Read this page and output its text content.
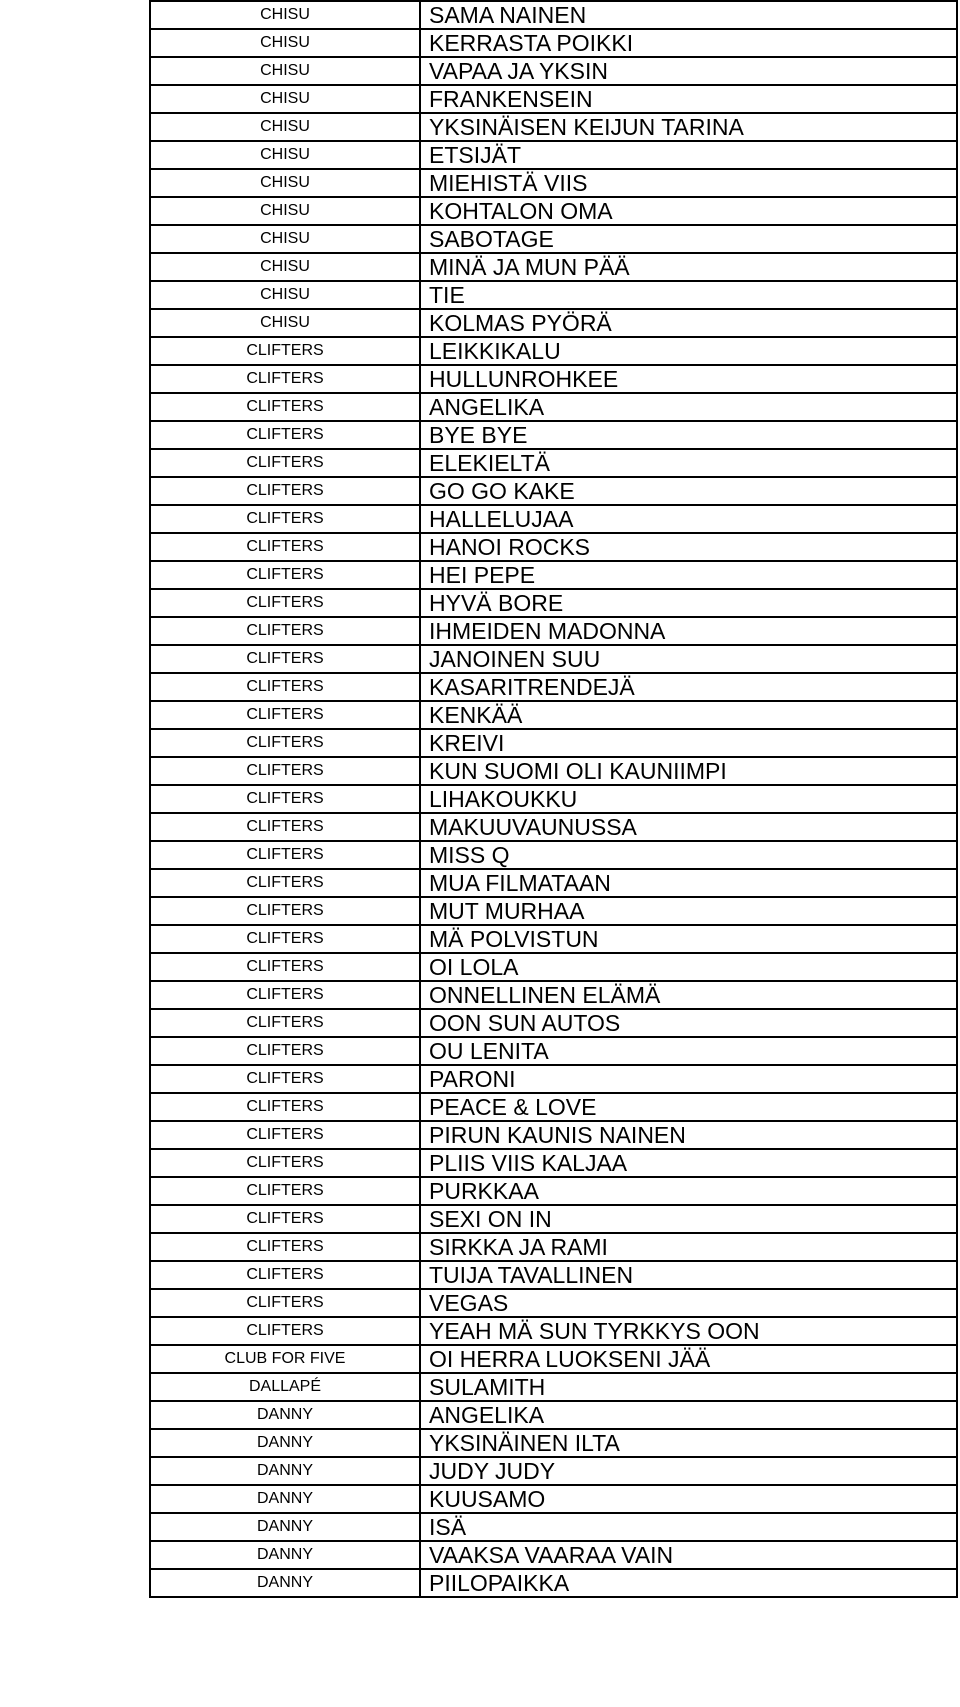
CHISU	SAMA NAINEN
CHISU	KERRASTA POIKKI
CHISU	VAPAA JA YKSIN
CHISU	FRANKENSEIN
CHISU	YKSINÄISEN KEIJUN TARINA
CHISU	ETSIJÄT
CHISU	MIEHISTÄ VIIS
CHISU	KOHTALON OMA
CHISU	SABOTAGE
CHISU	MINÄ JA MUN PÄÄ
CHISU	TIE
CHISU	KOLMAS PYÖRÄ
CLIFTERS	LEIKKIKALU
CLIFTERS	HULLUNROHKEE
CLIFTERS	ANGELIKA
CLIFTERS	BYE BYE
CLIFTERS	ELEKIELTÄ
CLIFTERS	GO GO KAKE
CLIFTERS	HALLELUJAA
CLIFTERS	HANOI ROCKS
CLIFTERS	HEI PEPE
CLIFTERS	HYVÄ BORE
CLIFTERS	IHMEIDEN MADONNA
CLIFTERS	JANOINEN SUU
CLIFTERS	KASARITRENDEJÄ
CLIFTERS	KENKÄÄ
CLIFTERS	KREIVI
CLIFTERS	KUN SUOMI OLI KAUNIIMPI
CLIFTERS	LIHAKOUKKU
CLIFTERS	MAKUUVAUNUSSA
CLIFTERS	MISS Q
CLIFTERS	MUA FILMATAAN
CLIFTERS	MUT MURHAA
CLIFTERS	MÄ POLVISTUN
CLIFTERS	OI LOLA
CLIFTERS	ONNELLINEN ELÄMÄ
CLIFTERS	OON SUN AUTOS
CLIFTERS	OU LENITA
CLIFTERS	PARONI
CLIFTERS	PEACE & LOVE
CLIFTERS	PIRUN KAUNIS NAINEN
CLIFTERS	PLIIS VIIS KALJAA
CLIFTERS	PURKKAA
CLIFTERS	SEXI ON IN
CLIFTERS	SIRKKA JA RAMI
CLIFTERS	TUIJA TAVALLINEN
CLIFTERS	VEGAS
CLIFTERS	YEAH MÄ SUN TYRKKYS OON
CLUB FOR FIVE	OI HERRA LUOKSENI JÄÄ
DALLAPÉ	SULAMITH
DANNY	ANGELIKA
DANNY	YKSINÄINEN ILTA
DANNY	JUDY JUDY
DANNY	KUUSAMO
DANNY	ISÄ
DANNY	VAAKSA VAARAA VAIN
DANNY	PIILOPAIKKA
